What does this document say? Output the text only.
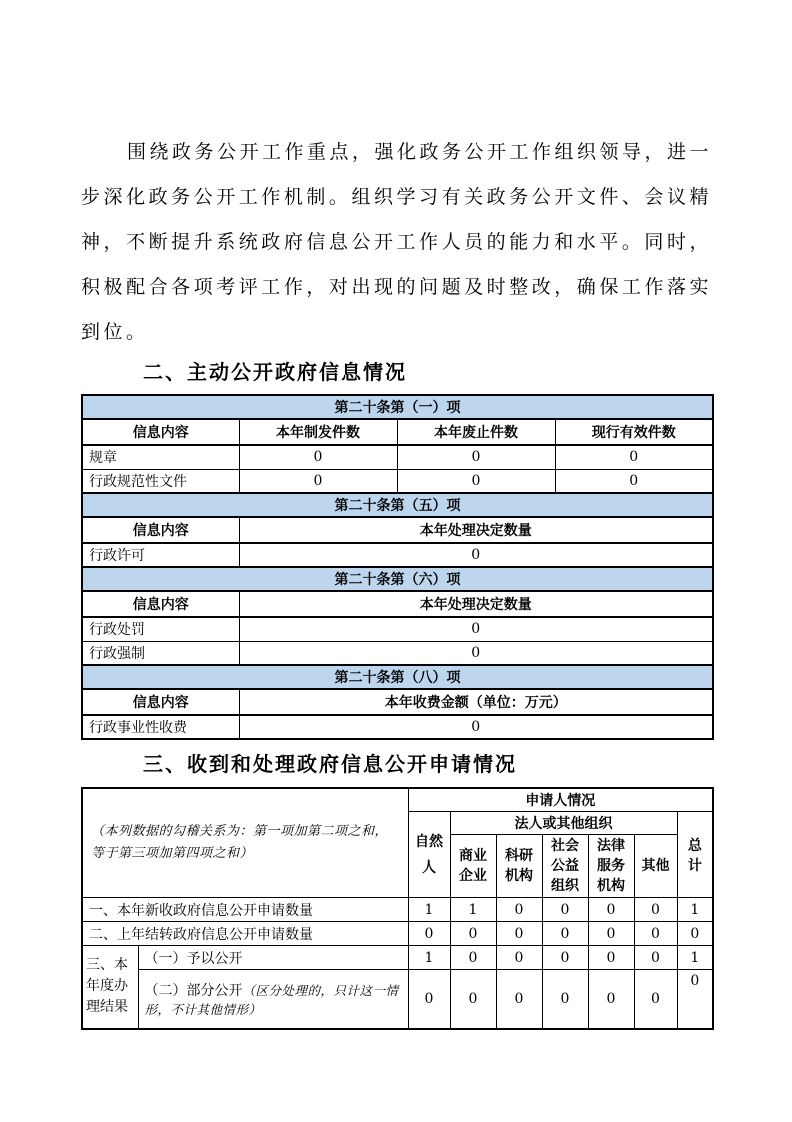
围绕政务公开工作重点，强化政务公开工作组织领导，进一步深化政务公开工作机制。组织学习有关政务公开文件、会议精神，不断提升系统政府信息公开工作人员的能力和水平。同时，积极配合各项考评工作，对出现的问题及时整改，确保工作落实到位。

二、主动公开政府信息情况
第二十条第（一）项			
信息内容	本年制发件数	本年废止件数	现行有效件数
规章	0	0	0
行政规范性文件	0	0	0
第二十条第（五）项			
信息内容	本年处理决定数量		
行政许可	0		
第二十条第（六）项			
信息内容	本年处理决定数量		
行政处罚	0		
行政强制	0		
第二十条第（八）项			
信息内容	本年收费金额（单位：万元）		
行政事业性收费	0		
三、收到和处理政府信息公开申请情况
（本列数据的勾稽关系为：第一项加第二项之和，等于第三项加第四项之和）		申请人情况						
		自然人	法人或其他组织					总计
			商业企业	科研机构	社会公益组织	法律服务机构	其他	
一、本年新收政府信息公开申请数量		1	1	0	0	0	0	1
二、上年结转政府信息公开申请数量		0	0	0	0	0	0	0
三、本年度办理结果	（一）予以公开	1	0	0	0	0	0	1
	（二）部分公开（区分处理的，只计这一情形，不计其他情形）	0	0	0	0	0	0	0
